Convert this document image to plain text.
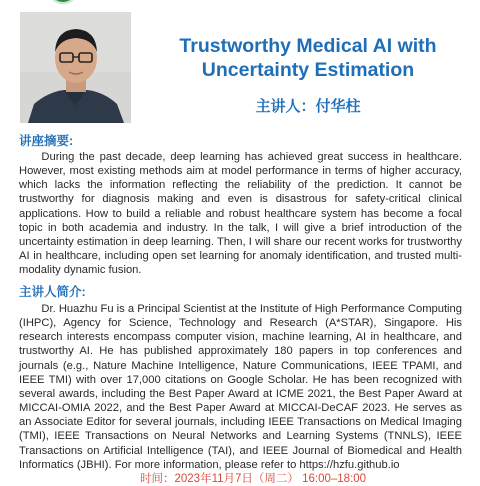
Trustworthy Medical AI with
Uncertainty Estimation
主讲人：付华柱
讲座摘要:
During the past decade, deep learning has achieved great success in healthcare. However, most existing methods aim at model performance in terms of higher accuracy, which lacks the information reflecting the reliability of the prediction. It cannot be trustworthy for diagnosis making and even is disastrous for safety-critical clinical applications. How to build a reliable and robust healthcare system has become a focal topic in both academia and industry. In the talk, I will give a brief introduction of the uncertainty estimation in deep learning. Then, I will share our recent works for trustworthy AI in healthcare, including open set learning for anomaly identification, and trusted multi-modality dynamic fusion.
主讲人简介:
Dr. Huazhu Fu is a Principal Scientist at the Institute of High Performance Computing (IHPC), Agency for Science, Technology and Research (A*STAR), Singapore. His research interests encompass computer vision, machine learning, AI in healthcare, and trustworthy AI. He has published approximately 180 papers in top conferences and journals (e.g., Nature Machine Intelligence, Nature Communications, IEEE TPAMI, and IEEE TMI) with over 17,000 citations on Google Scholar. He has been recognized with several awards, including the Best Paper Award at ICME 2021, the Best Paper Award at MICCAI-OMIA 2022, and the Best Paper Award at MICCAI-DeCAF 2023. He serves as an Associate Editor for several journals, including IEEE Transactions on Medical Imaging (TMI), IEEE Transactions on Neural Networks and Learning Systems (TNNLS), IEEE Transactions on Artificial Intelligence (TAI), and IEEE Journal of Biomedical and Health Informatics (JBHI). For more information, please refer to https://hzfu.github.io
时间：2023年11月7日（周二） 16:00–18:00
